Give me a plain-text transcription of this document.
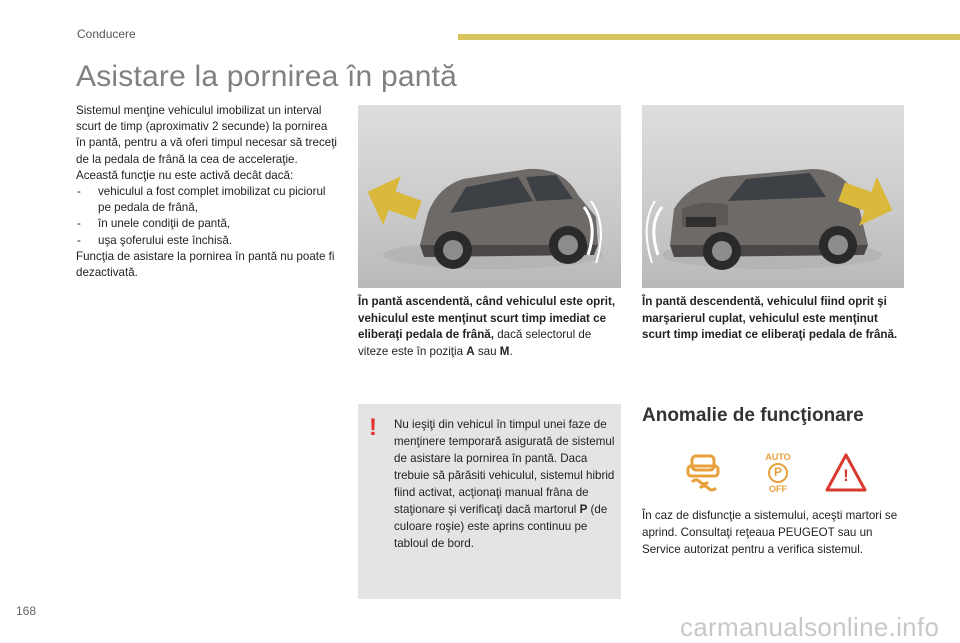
Conducere
Asistare la pornirea în pantă

Sistemul menţine vehiculul imobilizat un interval scurt de timp (aproximativ 2 secunde) la pornirea în pantă, pentru a vă oferi timpul necesar să treceţi de la pedala de frână la cea de acceleraţie.

Această funcţie nu este activă decât dacă:

- vehiculul a fost complet imobilizat cu piciorul pe pedala de frână,
- în unele condiţii de pantă,
- uşa şoferului este închisă.

Funcţia de asistare la pornirea în pantă nu poate fi dezactivată.

În pantă ascendentă, când vehiculul este oprit, vehiculul este menţinut scurt timp imediat ce eliberaţi pedala de frână, dacă selectorul de viteze este în poziţia A sau M.
În pantă descendentă, vehiculul fiind oprit şi marşarierul cuplat, vehiculul este menţinut scurt timp imediat ce eliberaţi pedala de frână.
! Nu ieşiţi din vehicul în timpul unei faze de menţinere temporară asigurată de sistemul de asistare la pornirea în pantă. Daca trebuie să părăsiti vehiculul, sistemul hibrid fiind activat, acţionaţi manual frâna de staţionare şi verificaţi dacă martorul P (de culoare roşie) este aprins continuu pe tabloul de bord.
Anomalie de funcţionare
AUTO
P
OFF
!
În caz de disfuncţie a sistemului, aceşti martori se aprind. Consultaţi reţeaua PEUGEOT sau un Service autorizat pentru a verifica sistemul.
168
carmanualsonline.info
